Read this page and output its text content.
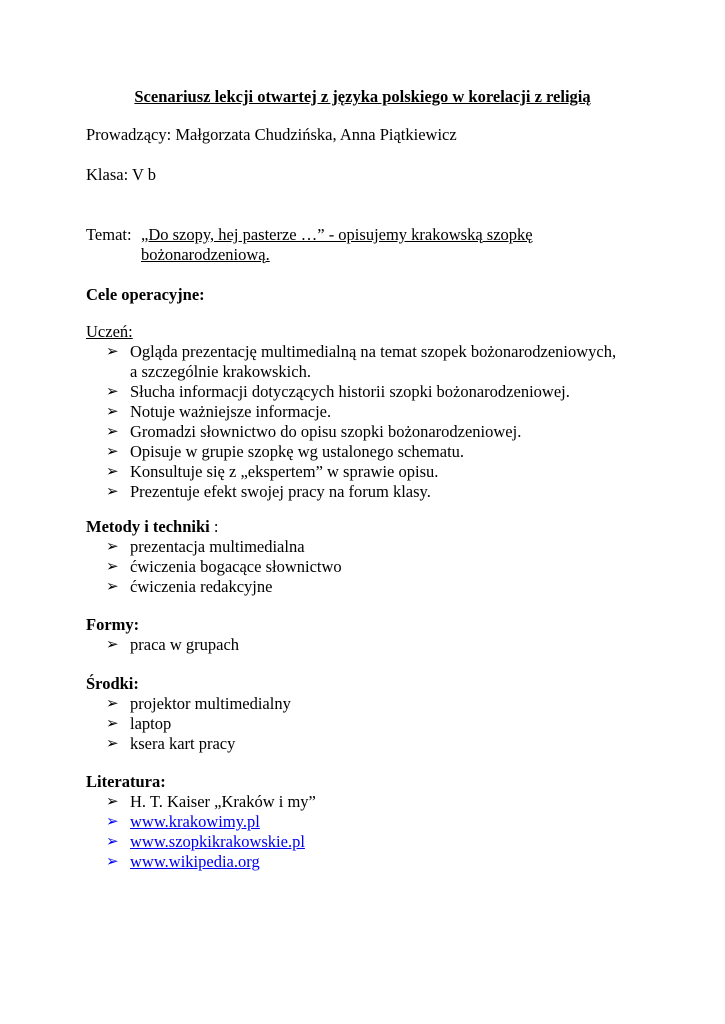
Scenariusz lekcji otwartej z języka polskiego w korelacji z religią
Prowadzący: Małgorzata Chudzińska, Anna Piątkiewicz
Klasa: V b
Temat: „Do szopy, hej pasterze …” - opisujemy krakowską szopkę
bożonarodzeniową.
Cele operacyjne:
Uczeń:
➢ Ogląda prezentację multimedialną na temat szopek bożonarodzeniowych,
a szczególnie krakowskich.
➢ Słucha informacji dotyczących historii szopki bożonarodzeniowej.
➢ Notuje ważniejsze informacje.
➢ Gromadzi słownictwo do opisu szopki bożonarodzeniowej.
➢ Opisuje w grupie szopkę wg ustalonego schematu.
➢ Konsultuje się z „ekspertem” w sprawie opisu.
➢ Prezentuje efekt swojej pracy na forum klasy.
Metody i techniki :
➢ prezentacja multimedialna
➢ ćwiczenia bogacące słownictwo
➢ ćwiczenia redakcyjne
Formy:
➢ praca w grupach
Środki:
➢ projektor multimedialny
➢ laptop
➢ ksera kart pracy
Literatura:
➢ H. T. Kaiser „Kraków i my”
➢ www.krakowimy.pl
➢ www.szopkikrakowskie.pl
➢ www.wikipedia.org
